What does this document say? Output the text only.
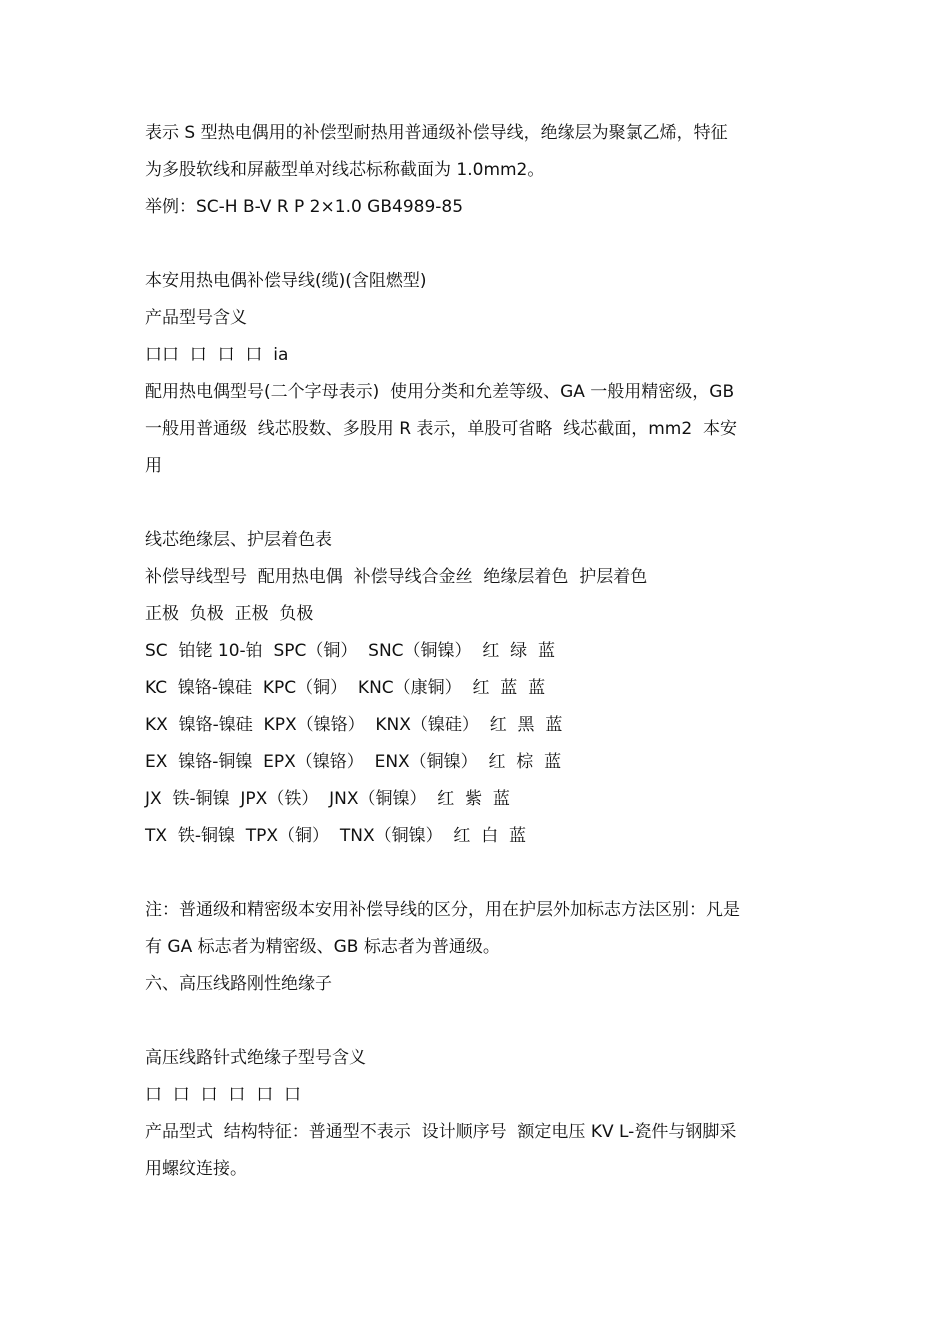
表示 S 型热电偶用的补偿型耐热用普通级补偿导线，绝缘层为聚氯乙烯，特征

为多股软线和屏蔽型单对线芯标称截面为 1.0mm2。

举例：SC-H B-V R P 2×1.0 GB4989-85

本安用热电偶补偿导线(缆)(含阻燃型)

产品型号含义

口口  口  口  口  ia

配用热电偶型号(二个字母表示)  使用分类和允差等级、GA 一般用精密级，GB

一般用普通级  线芯股数、多股用 R 表示，单股可省略  线芯截面，mm2  本安

用

线芯绝缘层、护层着色表

补偿导线型号  配用热电偶  补偿导线合金丝  绝缘层着色  护层着色

正极  负极  正极  负极

SC  铂铑 10-铂  SPC（铜）  SNC（铜镍）  红  绿  蓝

KC  镍铬-镍硅  KPC（铜）  KNC（康铜）  红  蓝  蓝

KX  镍铬-镍硅  KPX（镍铬）  KNX（镍硅）  红  黑  蓝

EX  镍铬-铜镍  EPX（镍铬）  ENX（铜镍）  红  棕  蓝

JX  铁-铜镍  JPX（铁）  JNX（铜镍）  红  紫  蓝

TX  铁-铜镍  TPX（铜）  TNX（铜镍）  红  白  蓝

注：普通级和精密级本安用补偿导线的区分，用在护层外加标志方法区别：凡是

有 GA 标志者为精密级、GB 标志者为普通级。

六、高压线路刚性绝缘子

高压线路针式绝缘子型号含义

口  口  口  口  口  口

产品型式  结构特征：普通型不表示  设计顺序号  额定电压 KV L-瓷件与钢脚采

用螺纹连接。
